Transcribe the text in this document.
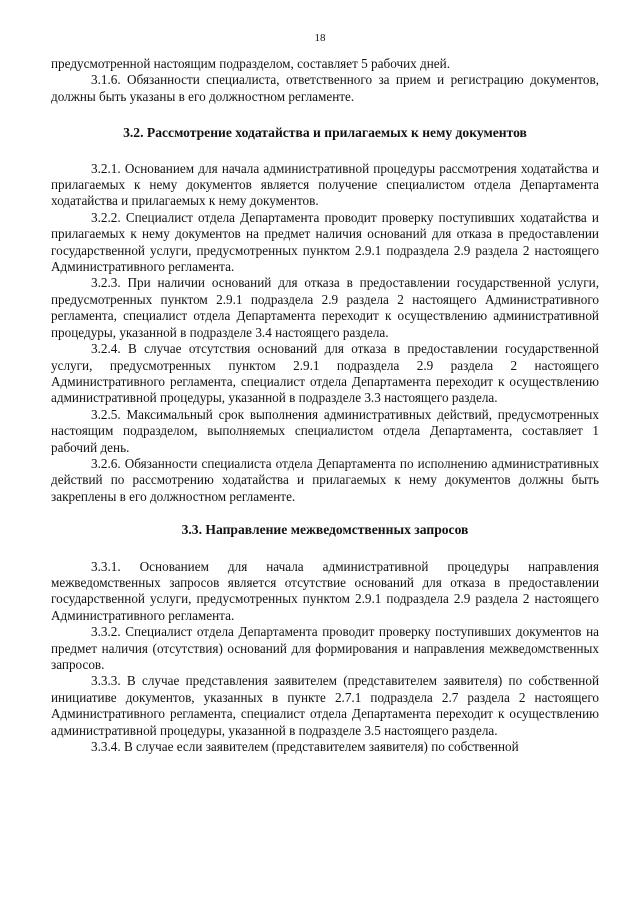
18

предусмотренной настоящим подразделом, составляет 5 рабочих дней.

3.1.6. Обязанности специалиста, ответственного за прием и регистрацию документов, должны быть указаны в его должностном регламенте.

3.2. Рассмотрение ходатайства и прилагаемых к нему документов

3.2.1. Основанием для начала административной процедуры рассмотрения ходатайства и прилагаемых к нему документов является получение специалистом отдела Департамента ходатайства и прилагаемых к нему документов.

3.2.2. Специалист отдела Департамента проводит проверку поступивших ходатайства и прилагаемых к нему документов на предмет наличия оснований для отказа в предоставлении государственной услуги, предусмотренных пунктом 2.9.1 подраздела 2.9 раздела 2 настоящего Административного регламента.

3.2.3. При наличии оснований для отказа в предоставлении государственной услуги, предусмотренных пунктом 2.9.1 подраздела 2.9 раздела 2 настоящего Административного регламента, специалист отдела Департамента переходит к осуществлению административной процедуры, указанной в подразделе 3.4 настоящего раздела.

3.2.4. В случае отсутствия оснований для отказа в предоставлении государственной услуги, предусмотренных пунктом 2.9.1 подраздела 2.9 раздела 2 настоящего Административного регламента, специалист отдела Департамента переходит к осуществлению административной процедуры, указанной в подразделе 3.3 настоящего раздела.

3.2.5. Максимальный срок выполнения административных действий, предусмотренных настоящим подразделом, выполняемых специалистом отдела Департамента, составляет 1 рабочий день.

3.2.6. Обязанности специалиста отдела Департамента по исполнению административных действий по рассмотрению ходатайства и прилагаемых к нему документов должны быть закреплены в его должностном регламенте.

3.3. Направление межведомственных запросов

3.3.1. Основанием для начала административной процедуры направления межведомственных запросов является отсутствие оснований для отказа в предоставлении государственной услуги, предусмотренных пунктом 2.9.1 подраздела 2.9 раздела 2 настоящего Административного регламента.

3.3.2. Специалист отдела Департамента проводит проверку поступивших документов на предмет наличия (отсутствия) оснований для формирования и направления межведомственных запросов.

3.3.3. В случае представления заявителем (представителем заявителя) по собственной инициативе документов, указанных в пункте 2.7.1 подраздела 2.7 раздела 2 настоящего Административного регламента, специалист отдела Департамента переходит к осуществлению административной процедуры, указанной в подразделе 3.5 настоящего раздела.

3.3.4. В случае если заявителем (представителем заявителя) по собственной
